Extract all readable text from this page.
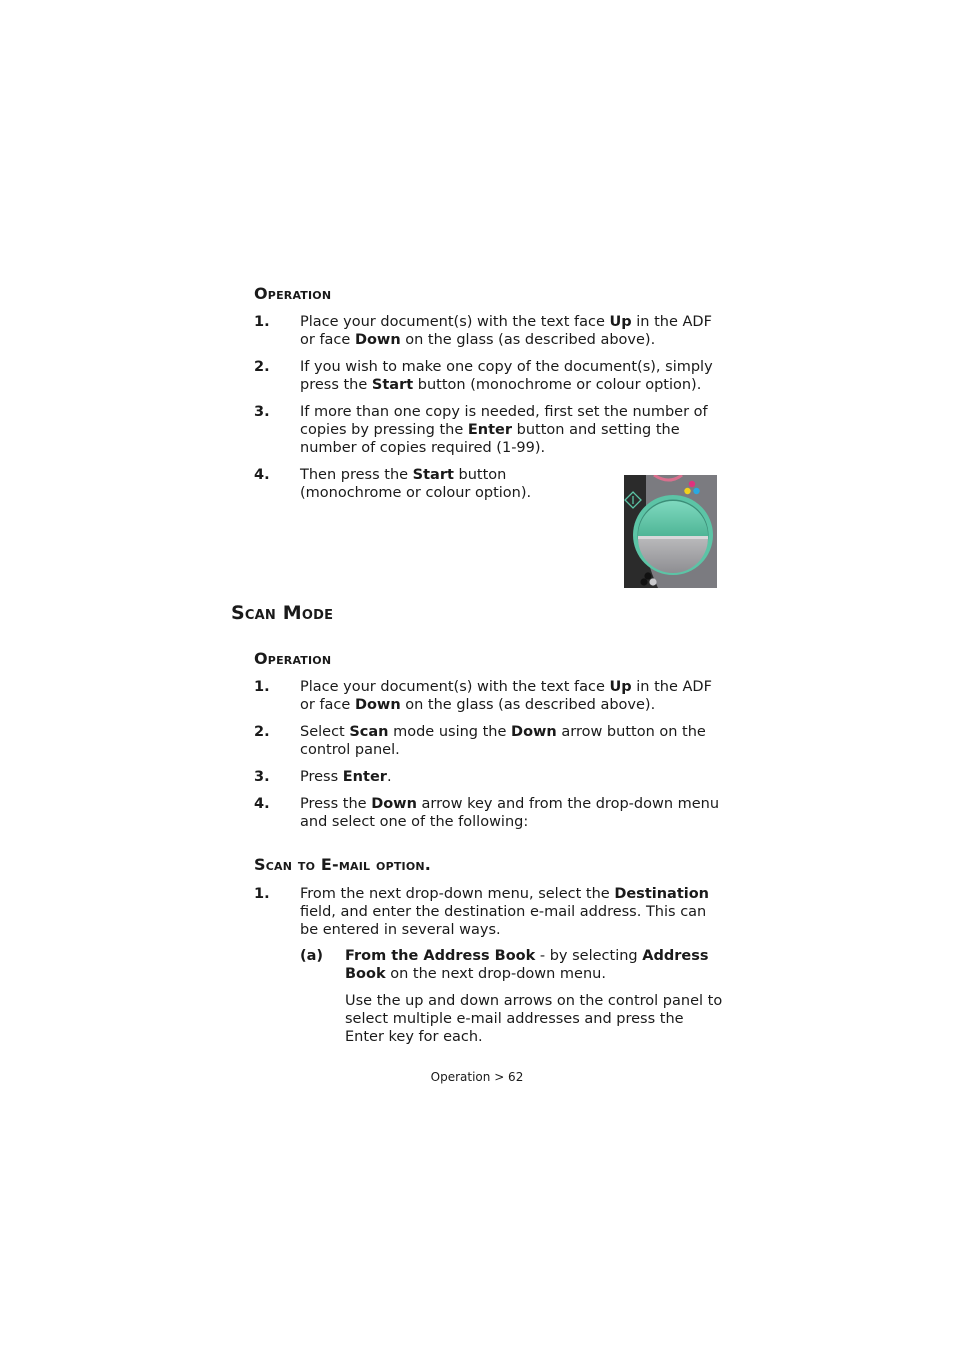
Operation
1. Place your document(s) with the text face Up in the ADF or face Down on the glass (as described above).
2. If you wish to make one copy of the document(s), simply press the Start button (monochrome or colour option).
3. If more than one copy is needed, first set the number of copies by pressing the Enter button and setting the number of copies required (1-99).
4. Then press the Start button
(monochrome or colour option).
Scan Mode
Operation
1. Place your document(s) with the text face Up in the ADF or face Down on the glass (as described above).
2. Select Scan mode using the Down arrow button on the control panel.
3. Press Enter.
4. Press the Down arrow key and from the drop-down menu and select one of the following:
Scan to E-mail option.
1. From the next drop-down menu, select the Destination field, and enter the destination e-mail address. This can be entered in several ways.
(a) From the Address Book - by selecting Address Book on the next drop-down menu.
Use the up and down arrows on the control panel to select multiple e-mail addresses and press the Enter key for each.
Operation > 62
